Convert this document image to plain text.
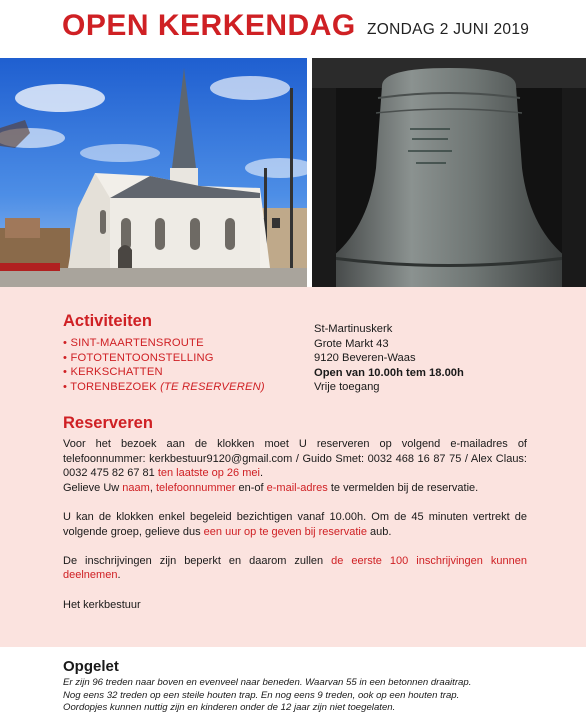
OPEN KERKENDAG ZONDAG 2 JUNI 2019
Activiteiten
• SINT-MAARTENSROUTE
• FOTOTENTOONSTELLING
• KERKSCHATTEN
• TORENBEZOEK (TE RESERVEREN)
St-Martinuskerk
Grote Markt 43
9120 Beveren-Waas
Open van 10.00h tem 18.00h
Vrije toegang
Reserveren

Voor het bezoek aan de klokken moet U reserveren op volgend e-mailadres of telefoonnummer: kerkbestuur9120@gmail.com / Guido Smet: 0032 468 16 87 75 / Alex Claus: 0032 475 82 67 81 ten laatste op 26 mei.

Gelieve Uw naam, telefoonnummer en-of e-mail-adres te vermelden bij de reservatie.

U kan de klokken enkel begeleid bezichtigen vanaf 10.00h. Om de 45 minuten vertrekt de volgende groep, gelieve dus een uur op te geven bij reservatie aub.

De inschrijvingen zijn beperkt en daarom zullen de eerste 100 inschrijvingen kunnen deelnemen.

Het kerkbestuur

Opgelet
Er zijn 96 treden naar boven en evenveel naar beneden. Waarvan 55 in een betonnen draaitrap.
Nog eens 32 treden op een steile houten trap. En nog eens 9 treden, ook op een houten trap.
Oordopjes kunnen nuttig zijn en kinderen onder de 12 jaar zijn niet toegelaten.
